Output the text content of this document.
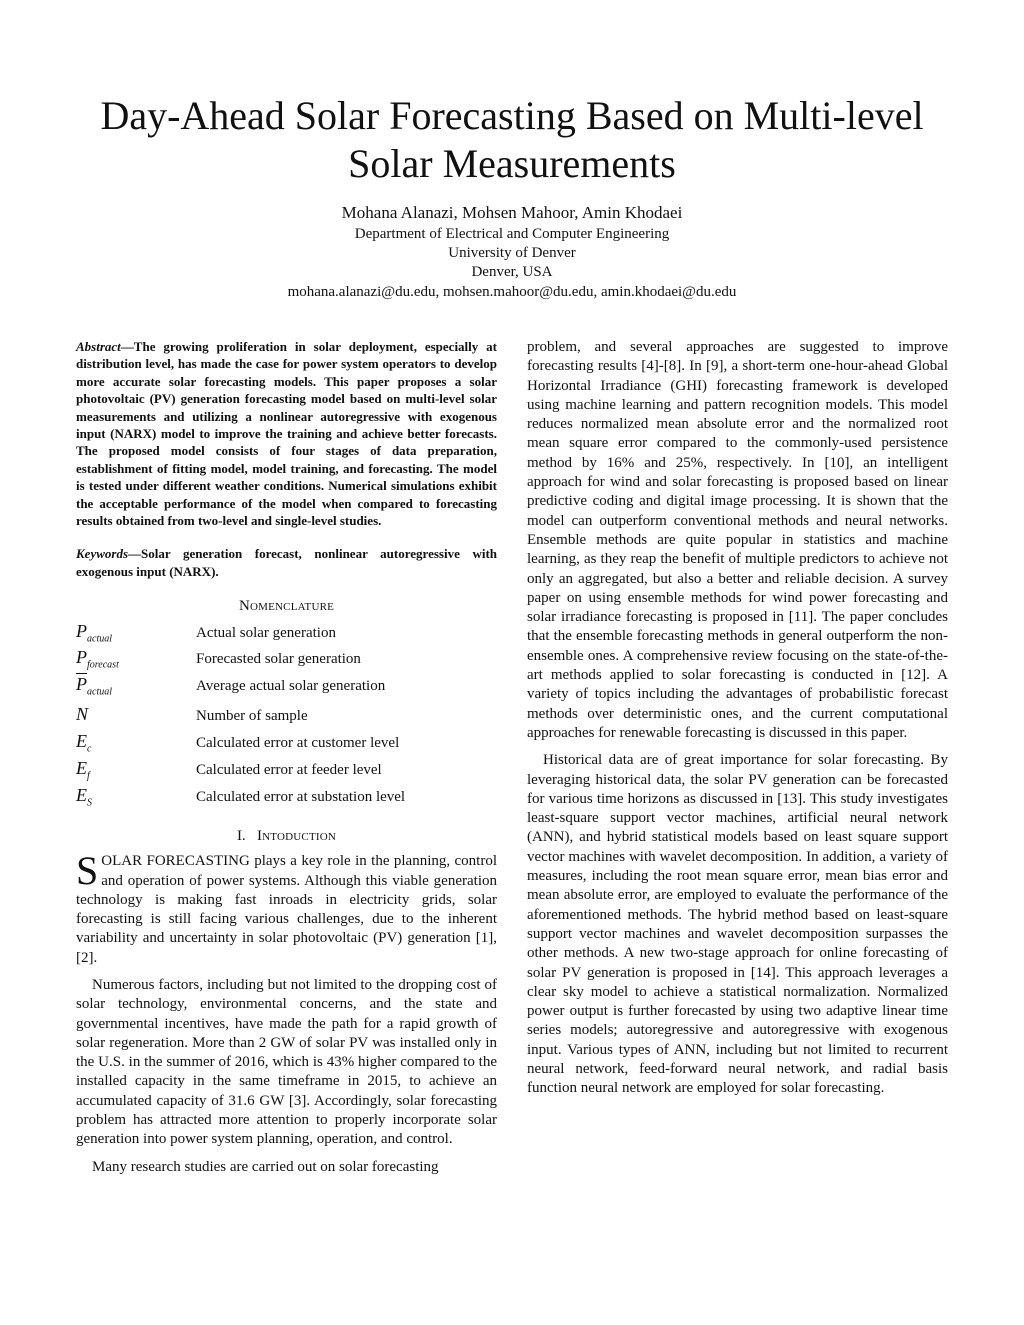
Day-Ahead Solar Forecasting Based on Multi-level
Solar Measurements
Mohana Alanazi, Mohsen Mahoor, Amin Khodaei
Department of Electrical and Computer Engineering
University of Denver
Denver, USA
mohana.alanazi@du.edu, mohsen.mahoor@du.edu, amin.khodaei@du.edu

Abstract—The growing proliferation in solar deployment, especially at distribution level, has made the case for power system operators to develop more accurate solar forecasting models. This paper proposes a solar photovoltaic (PV) generation forecasting model based on multi-level solar measurements and utilizing a nonlinear autoregressive with exogenous input (NARX) model to improve the training and achieve better forecasts. The proposed model consists of four stages of data preparation, establishment of fitting model, model training, and forecasting. The model is tested under different weather conditions. Numerical simulations exhibit the acceptable performance of the model when compared to forecasting results obtained from two-level and single-level studies.

Keywords—Solar generation forecast, nonlinear autoregressive with exogenous input (NARX).

Nomenclature

$P_{actual}$	Actual solar generation
$P_{forecast}$	Forecasted solar generation
$\overline{P}_{actual}$	Average actual solar generation
N	Number of sample
$E_c$	Calculated error at customer level
$E_f$	Calculated error at feeder level
$E_S$	Calculated error at substation level

I. Intoduction

SOLAR FORECASTING plays a key role in the planning, control and operation of power systems. Although this viable generation technology is making fast inroads in electricity grids, solar forecasting is still facing various challenges, due to the inherent variability and uncertainty in solar photovoltaic (PV) generation [1], [2].

Numerous factors, including but not limited to the dropping cost of solar technology, environmental concerns, and the state and governmental incentives, have made the path for a rapid growth of solar regeneration. More than 2 GW of solar PV was installed only in the U.S. in the summer of 2016, which is 43% higher compared to the installed capacity in the same timeframe in 2015, to achieve an accumulated capacity of 31.6 GW [3]. Accordingly, solar forecasting problem has attracted more attention to properly incorporate solar generation into power system planning, operation, and control.

Many research studies are carried out on solar forecasting

problem, and several approaches are suggested to improve forecasting results [4]-[8]. In [9], a short-term one-hour-ahead Global Horizontal Irradiance (GHI) forecasting framework is developed using machine learning and pattern recognition models. This model reduces normalized mean absolute error and the normalized root mean square error compared to the commonly-used persistence method by 16% and 25%, respectively. In [10], an intelligent approach for wind and solar forecasting is proposed based on linear predictive coding and digital image processing. It is shown that the model can outperform conventional methods and neural networks. Ensemble methods are quite popular in statistics and machine learning, as they reap the benefit of multiple predictors to achieve not only an aggregated, but also a better and reliable decision. A survey paper on using ensemble methods for wind power forecasting and solar irradiance forecasting is proposed in [11]. The paper concludes that the ensemble forecasting methods in general outperform the non-ensemble ones. A comprehensive review focusing on the state-of-the-art methods applied to solar forecasting is conducted in [12]. A variety of topics including the advantages of probabilistic forecast methods over deterministic ones, and the current computational approaches for renewable forecasting is discussed in this paper.

Historical data are of great importance for solar forecasting. By leveraging historical data, the solar PV generation can be forecasted for various time horizons as discussed in [13]. This study investigates least-square support vector machines, artificial neural network (ANN), and hybrid statistical models based on least square support vector machines with wavelet decomposition. In addition, a variety of measures, including the root mean square error, mean bias error and mean absolute error, are employed to evaluate the performance of the aforementioned methods. The hybrid method based on least-square support vector machines and wavelet decomposition surpasses the other methods. A new two-stage approach for online forecasting of solar PV generation is proposed in [14]. This approach leverages a clear sky model to achieve a statistical normalization. Normalized power output is further forecasted by using two adaptive linear time series models; autoregressive and autoregressive with exogenous input. Various types of ANN, including but not limited to recurrent neural network, feed-forward neural network, and radial basis function neural network are employed for solar forecasting.
